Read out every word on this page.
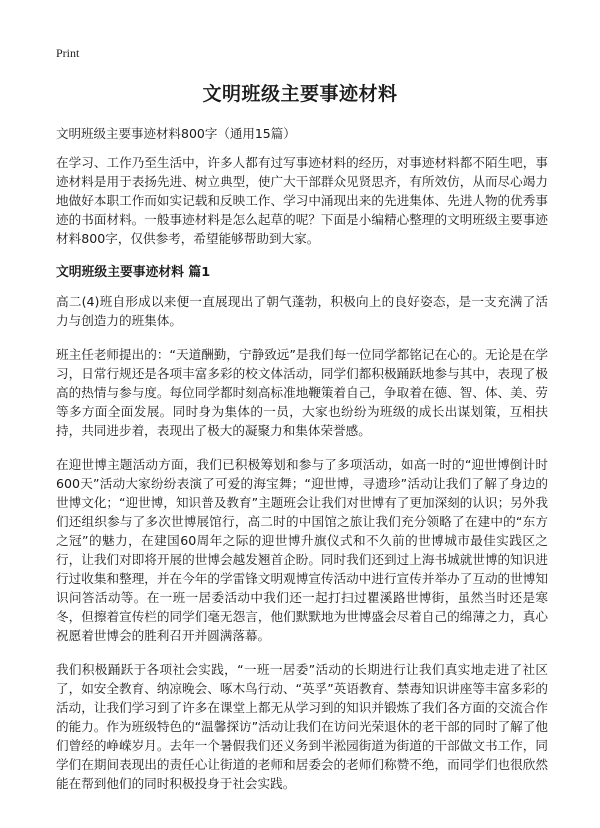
Print
文明班级主要事迹材料
文明班级主要事迹材料800字（通用15篇）

在学习、工作乃至生活中，许多人都有过写事迹材料的经历，对事迹材料都不陌生吧，事迹材料是用于表扬先进、树立典型，使广大干部群众见贤思齐，有所效仿，从而尽心竭力地做好本职工作而如实记载和反映工作、学习中涌现出来的先进集体、先进人物的优秀事迹的书面材料。一般事迹材料是怎么起草的呢？下面是小编精心整理的文明班级主要事迹材料800字，仅供参考，希望能够帮助到大家。

文明班级主要事迹材料 篇1

高二(4)班自形成以来便一直展现出了朝气蓬勃，积极向上的良好姿态，是一支充满了活力与创造力的班集体。

班主任老师提出的：“天道酬勤，宁静致远”是我们每一位同学都铭记在心的。无论是在学习，日常行规还是各项丰富多彩的校文体活动，同学们都积极踊跃地参与其中，表现了极高的热情与参与度。每位同学都时刻高标准地鞭策着自己，争取着在德、智、体、美、劳等多方面全面发展。同时身为集体的一员，大家也纷纷为班级的成长出谋划策，互相扶持，共同进步着，表现出了极大的凝聚力和集体荣誉感。

在迎世博主题活动方面，我们已积极筹划和参与了多项活动，如高一时的“迎世博倒计时600天”活动大家纷纷表演了可爱的海宝舞；“迎世博，寻遗珍”活动让我们了解了身边的世博文化；“迎世博，知识普及教育”主题班会让我们对世博有了更加深刻的认识；另外我们还组织参与了多次世博展馆行，高二时的中国馆之旅让我们充分领略了在建中的“东方之冠”的魅力，在建国60周年之际的迎世博升旗仪式和不久前的世博城市最佳实践区之行，让我们对即将开展的世博会越发翘首企盼。同时我们还到过上海书城就世博的知识进行过收集和整理，并在今年的学雷锋文明观博宣传活动中进行宣传并举办了互动的世博知识问答活动等。在一班一居委活动中我们还一起打扫过瞿溪路世博街，虽然当时还是寒冬，但擦着宣传栏的同学们毫无怨言，他们默默地为世博盛会尽着自己的绵薄之力，真心祝愿着世博会的胜利召开并圆满落幕。

我们积极踊跃于各项社会实践，“一班一居委”活动的长期进行让我们真实地走进了社区了，如安全教育、纳凉晚会、啄木鸟行动、“英孚”英语教育、禁毒知识讲座等丰富多彩的活动，让我们学习到了许多在课堂上都无从学习到的知识并锻炼了我们各方面的交流合作的能力。作为班级特色的“温馨探访”活动让我们在访问光荣退休的老干部的同时了解了他们曾经的峥嵘岁月。去年一个暑假我们还义务到半淞园街道为街道的干部做文书工作，同学们在期间表现出的责任心让街道的老师和居委会的老师们称赞不绝，而同学们也很欣然能在帮到他们的同时积极投身于社会实践。
